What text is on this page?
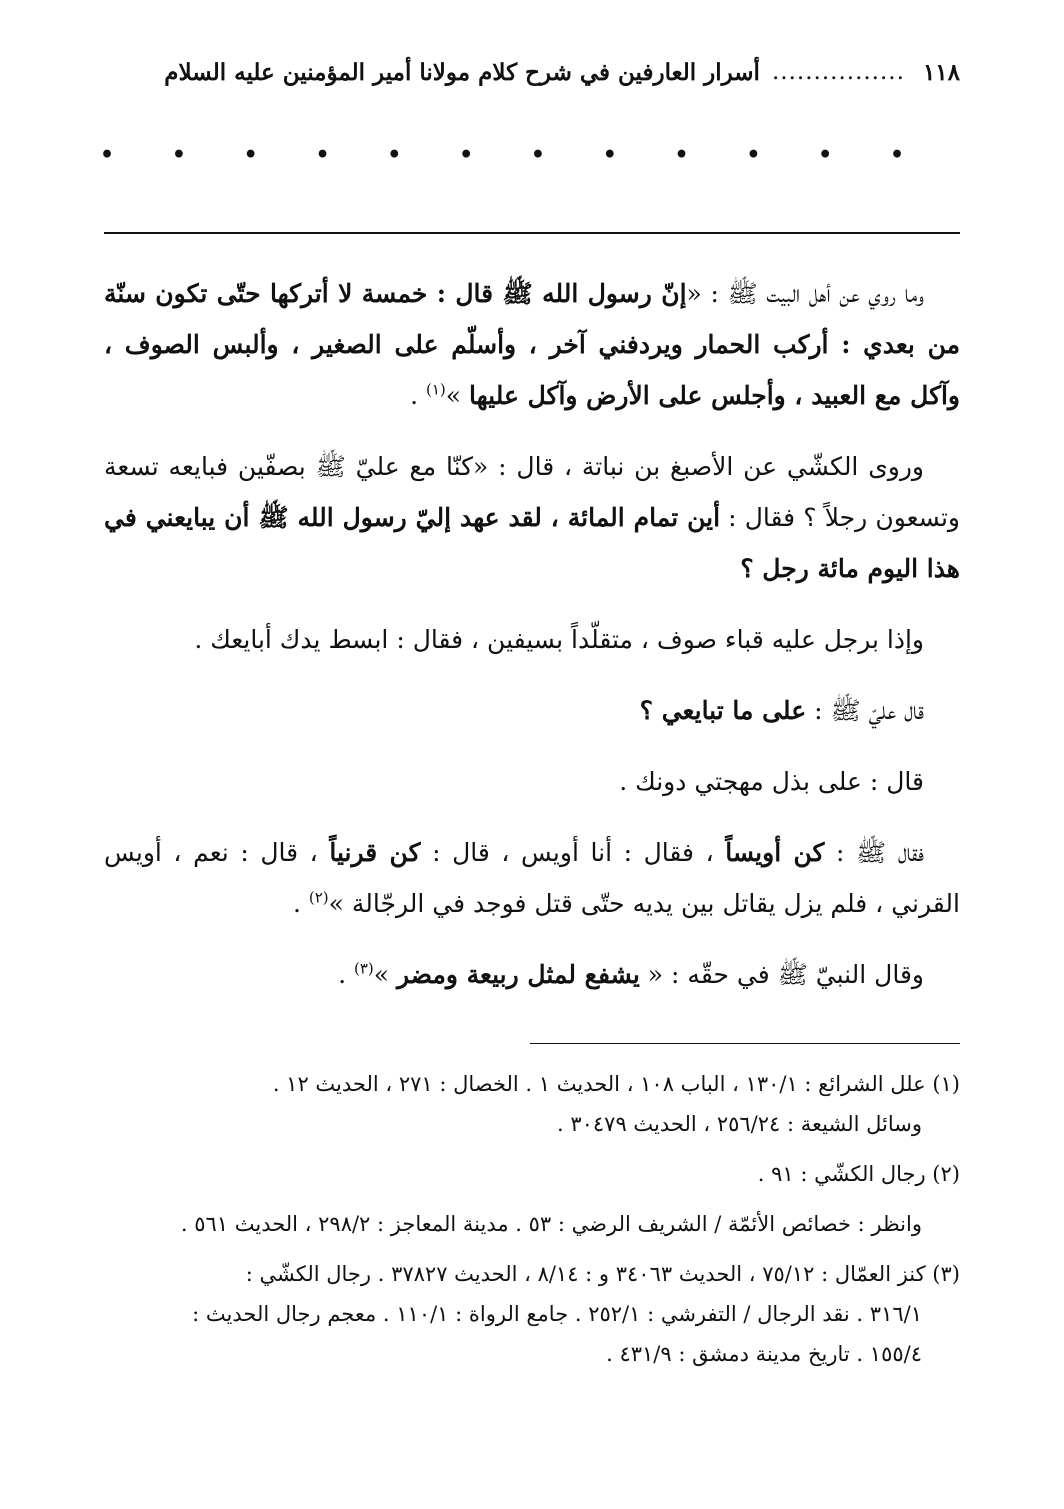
١١٨
................
أسرار العارفين في شرح كلام مولانا أمير المؤمنين عليه السلام
•	•	•	•	•	•	•	•	•	•	•	•

وما روي عن أهل البيت ﷺ : «إنّ رسول الله ﷺ قال : خمسة لا أتركها حتّى تكون سنّة من بعدي : أركب الحمار ويردفني آخر ، وأسلّم على الصغير ، وألبس الصوف ، وآكل مع العبيد ، وأجلس على الأرض وآكل عليها »$^{(١)}$ .

وروى الكشّي عن الأصبغ بن نباتة ، قال : «كنّا مع عليّ ﷺ بصفّين فبايعه تسعة وتسعون رجلاً ؟ فقال : أين تمام المائة ، لقد عهد إليّ رسول الله ﷺ أن يبايعني في هذا اليوم مائة رجل ؟

وإذا برجل عليه قباء صوف ، متقلّداً بسيفين ، فقال : ابسط يدك أبايعك .

قال عليّ ﷺ : على ما تبايعي ؟

قال : على بذل مهجتي دونك .

فقال ﷺ : كن أويساً ، فقال : أنا أويس ، قال : كن قرنياً ، قال : نعم ، أويس القرني ، فلم يزل يقاتل بين يديه حتّى قتل فوجد في الرجّالة »$^{(٢)}$ .

وقال النبيّ ﷺ في حقّه : « يشفع لمثل ربيعة ومضر »$^{(٣)}$ .

(١) علل الشرائع : ١٣٠/١ ، الباب ١٠٨ ، الحديث ١ . الخصال : ٢٧١ ، الحديث ١٢ .
وسائل الشيعة : ٢٥٦/٢٤ ، الحديث ٣٠٤٧٩ .
(٢) رجال الكشّي : ٩١ .
وانظر : خصائص الأئمّة / الشريف الرضي : ٥٣ . مدينة المعاجز : ٢٩٨/٢ ، الحديث ٥٦١ .
(٣) كنز العمّال : ٧٥/١٢ ، الحديث ٣٤٠٦٣ و : ٨/١٤ ، الحديث ٣٧٨٢٧ . رجال الكشّي :
٣١٦/١ . نقد الرجال / التفرشي : ٢٥٢/١ . جامع الرواة : ١١٠/١ . معجم رجال الحديث :
١٥٥/٤ . تاريخ مدينة دمشق : ٤٣١/٩ .
